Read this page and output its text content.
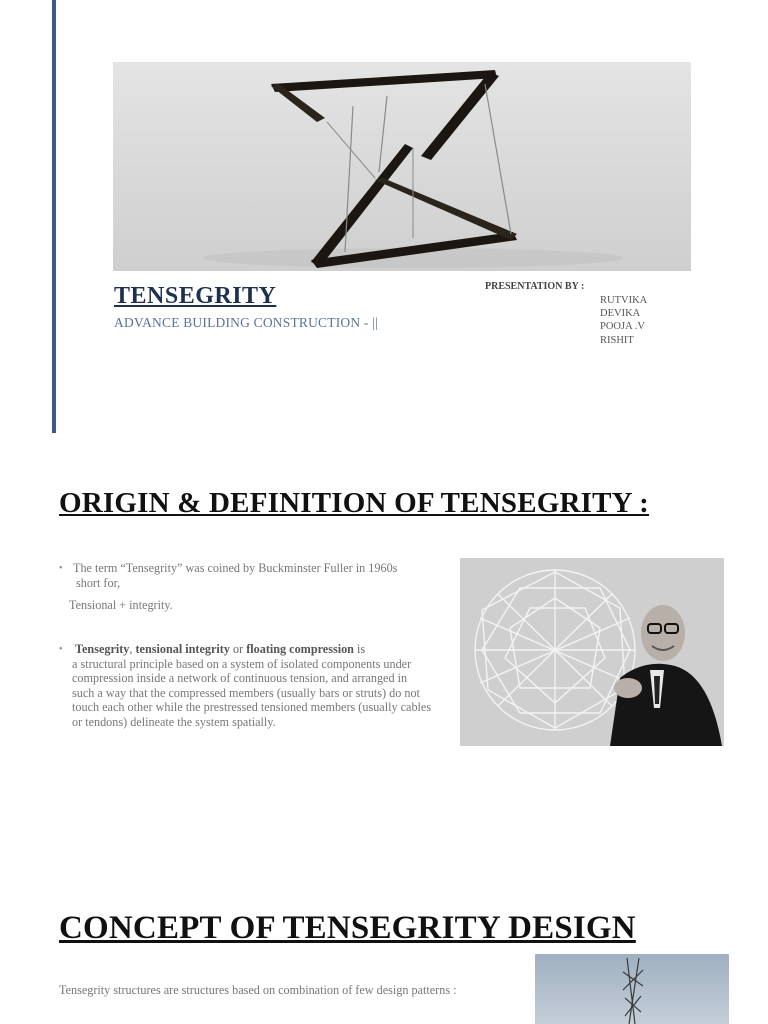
TENSEGRITY
ADVANCE BUILDING CONSTRUCTION - ||
PRESENTATION BY :
RUTVIKA
DEVIKA
POOJA .V
RISHIT
ORIGIN & DEFINITION OF TENSEGRITY :
• The term “Tensegrity” was coined by Buckminster Fuller in 1960s
short for,
Tensional + integrity.
• Tensegrity, tensional integrity or floating compression is
a structural principle based on a system of isolated components under compression inside a network of continuous tension, and arranged in such a way that the compressed members (usually bars or struts) do not touch each other while the prestressed tensioned members (usually cables or tendons) delineate the system spatially.
CONCEPT OF TENSEGRITY DESIGN
Tensegrity structures are structures based on combination of few design patterns :
